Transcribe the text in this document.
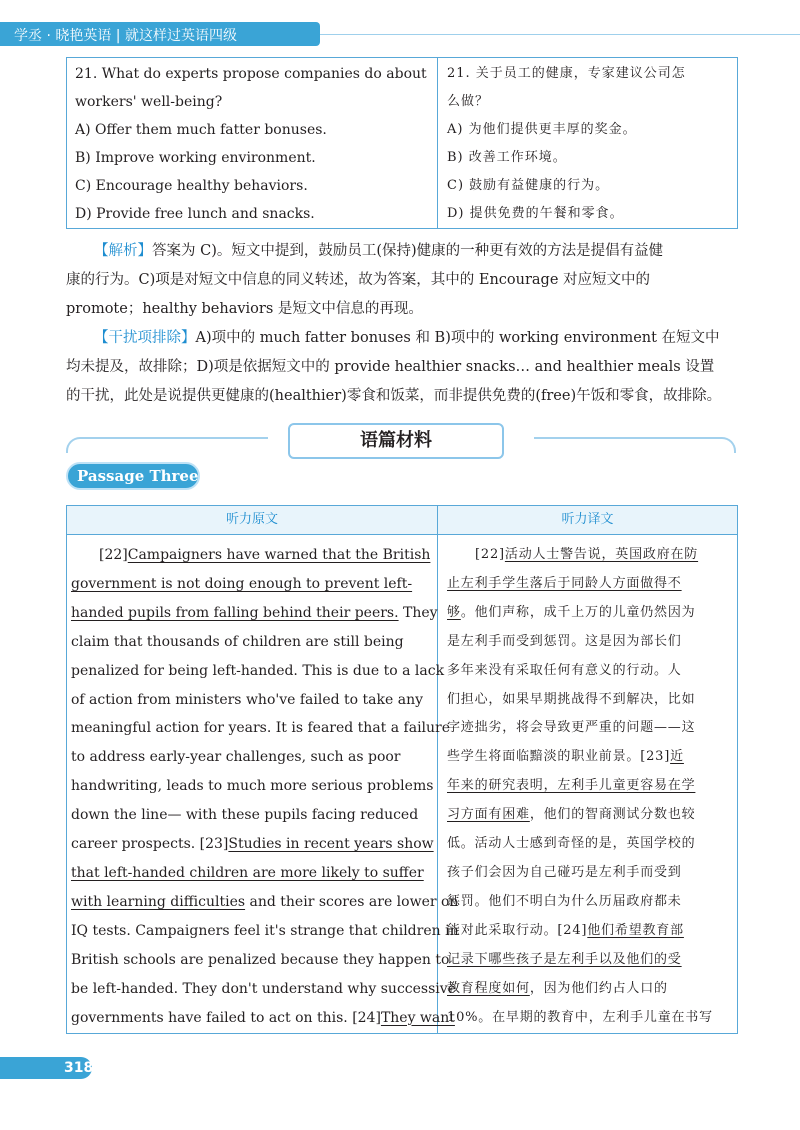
学丞 · 晓艳英语 | 就这样过英语四级

21. What do experts propose companies do about

workers' well-being?

A) Offer them much fatter bonuses.

B) Improve working environment.

C) Encourage healthy behaviors.

D) Provide free lunch and snacks.

21. 关于员工的健康，专家建议公司怎

么做？

A) 为他们提供更丰厚的奖金。

B) 改善工作环境。

C) 鼓励有益健康的行为。

D) 提供免费的午餐和零食。

【解析】答案为 C)。短文中提到，鼓励员工(保持)健康的一种更有效的方法是提倡有益健

康的行为。C)项是对短文中信息的同义转述，故为答案，其中的 Encourage 对应短文中的

promote；healthy behaviors 是短文中信息的再现。

【干扰项排除】A)项中的 much fatter bonuses 和 B)项中的 working environment 在短文中

均未提及，故排除；D)项是依据短文中的 provide healthier snacks… and healthier meals 设置

的干扰，此处是说提供更健康的(healthier)零食和饭菜，而非提供免费的(free)午饭和零食，故排除。

语篇材料
Passage Three
听力原文	听力译文

[22]Campaigners have warned that the British

government is not doing enough to prevent left-

handed pupils from falling behind their peers. They

claim that thousands of children are still being

penalized for being left-handed. This is due to a lack

of action from ministers who've failed to take any

meaningful action for years. It is feared that a failure

to address early-year challenges, such as poor

handwriting, leads to much more serious problems

down the line— with these pupils facing reduced

career prospects. [23]Studies in recent years show

that left-handed children are more likely to suffer

with learning difficulties and their scores are lower on

IQ tests. Campaigners feel it's strange that children in

British schools are penalized because they happen to

be left-handed. They don't understand why successive

governments have failed to act on this. [24]They want

[22]活动人士警告说，英国政府在防

止左利手学生落后于同龄人方面做得不

够。他们声称，成千上万的儿童仍然因为

是左利手而受到惩罚。这是因为部长们

多年来没有采取任何有意义的行动。人

们担心，如果早期挑战得不到解决，比如

字迹拙劣，将会导致更严重的问题——这

些学生将面临黯淡的职业前景。[23]近

年来的研究表明，左利手儿童更容易在学

习方面有困难，他们的智商测试分数也较

低。活动人士感到奇怪的是，英国学校的

孩子们会因为自己碰巧是左利手而受到

惩罚。他们不明白为什么历届政府都未

能对此采取行动。[24]他们希望教育部

记录下哪些孩子是左利手以及他们的受

教育程度如何，因为他们约占人口的

10%。在早期的教育中，左利手儿童在书写

318
